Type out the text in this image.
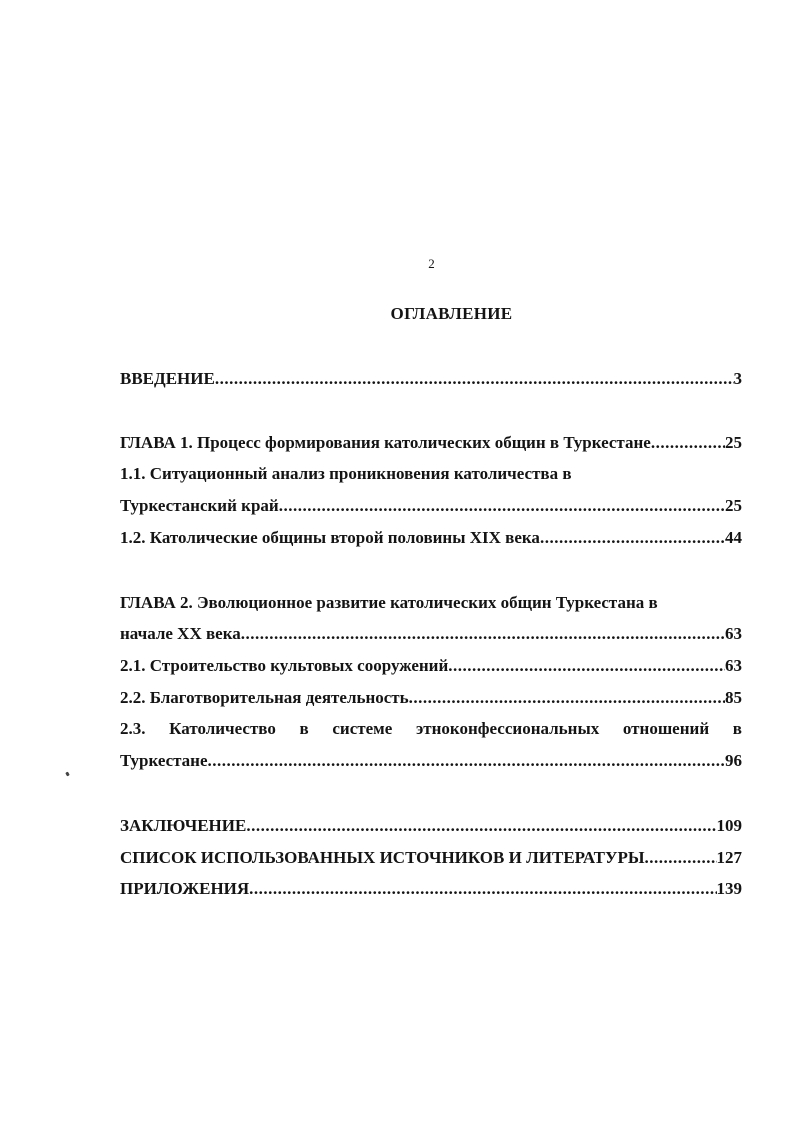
2
ОГЛАВЛЕНИЕ
ВВЕДЕНИЕ .....	3
ГЛАВА 1. Процесс формирования католических общин в Туркестане .....	25
1.1. Ситуационный анализ проникновения католичества в
Туркестанский край .....	25
1.2. Католические общины второй половины XIX века .....	44
ГЛАВА 2. Эволюционное развитие католических общин Туркестана в
начале XX века .....	63
2.1. Строительство культовых сооружений .....	63
2.2. Благотворительная деятельность .....	85
2.3. Католичество в системе этноконфессиональных отношений в
Туркестане .....	96
ЗАКЛЮЧЕНИЕ .....	109
СПИСОК ИСПОЛЬЗОВАННЫХ ИСТОЧНИКОВ И ЛИТЕРАТУРЫ .....	127
ПРИЛОЖЕНИЯ .....	139
